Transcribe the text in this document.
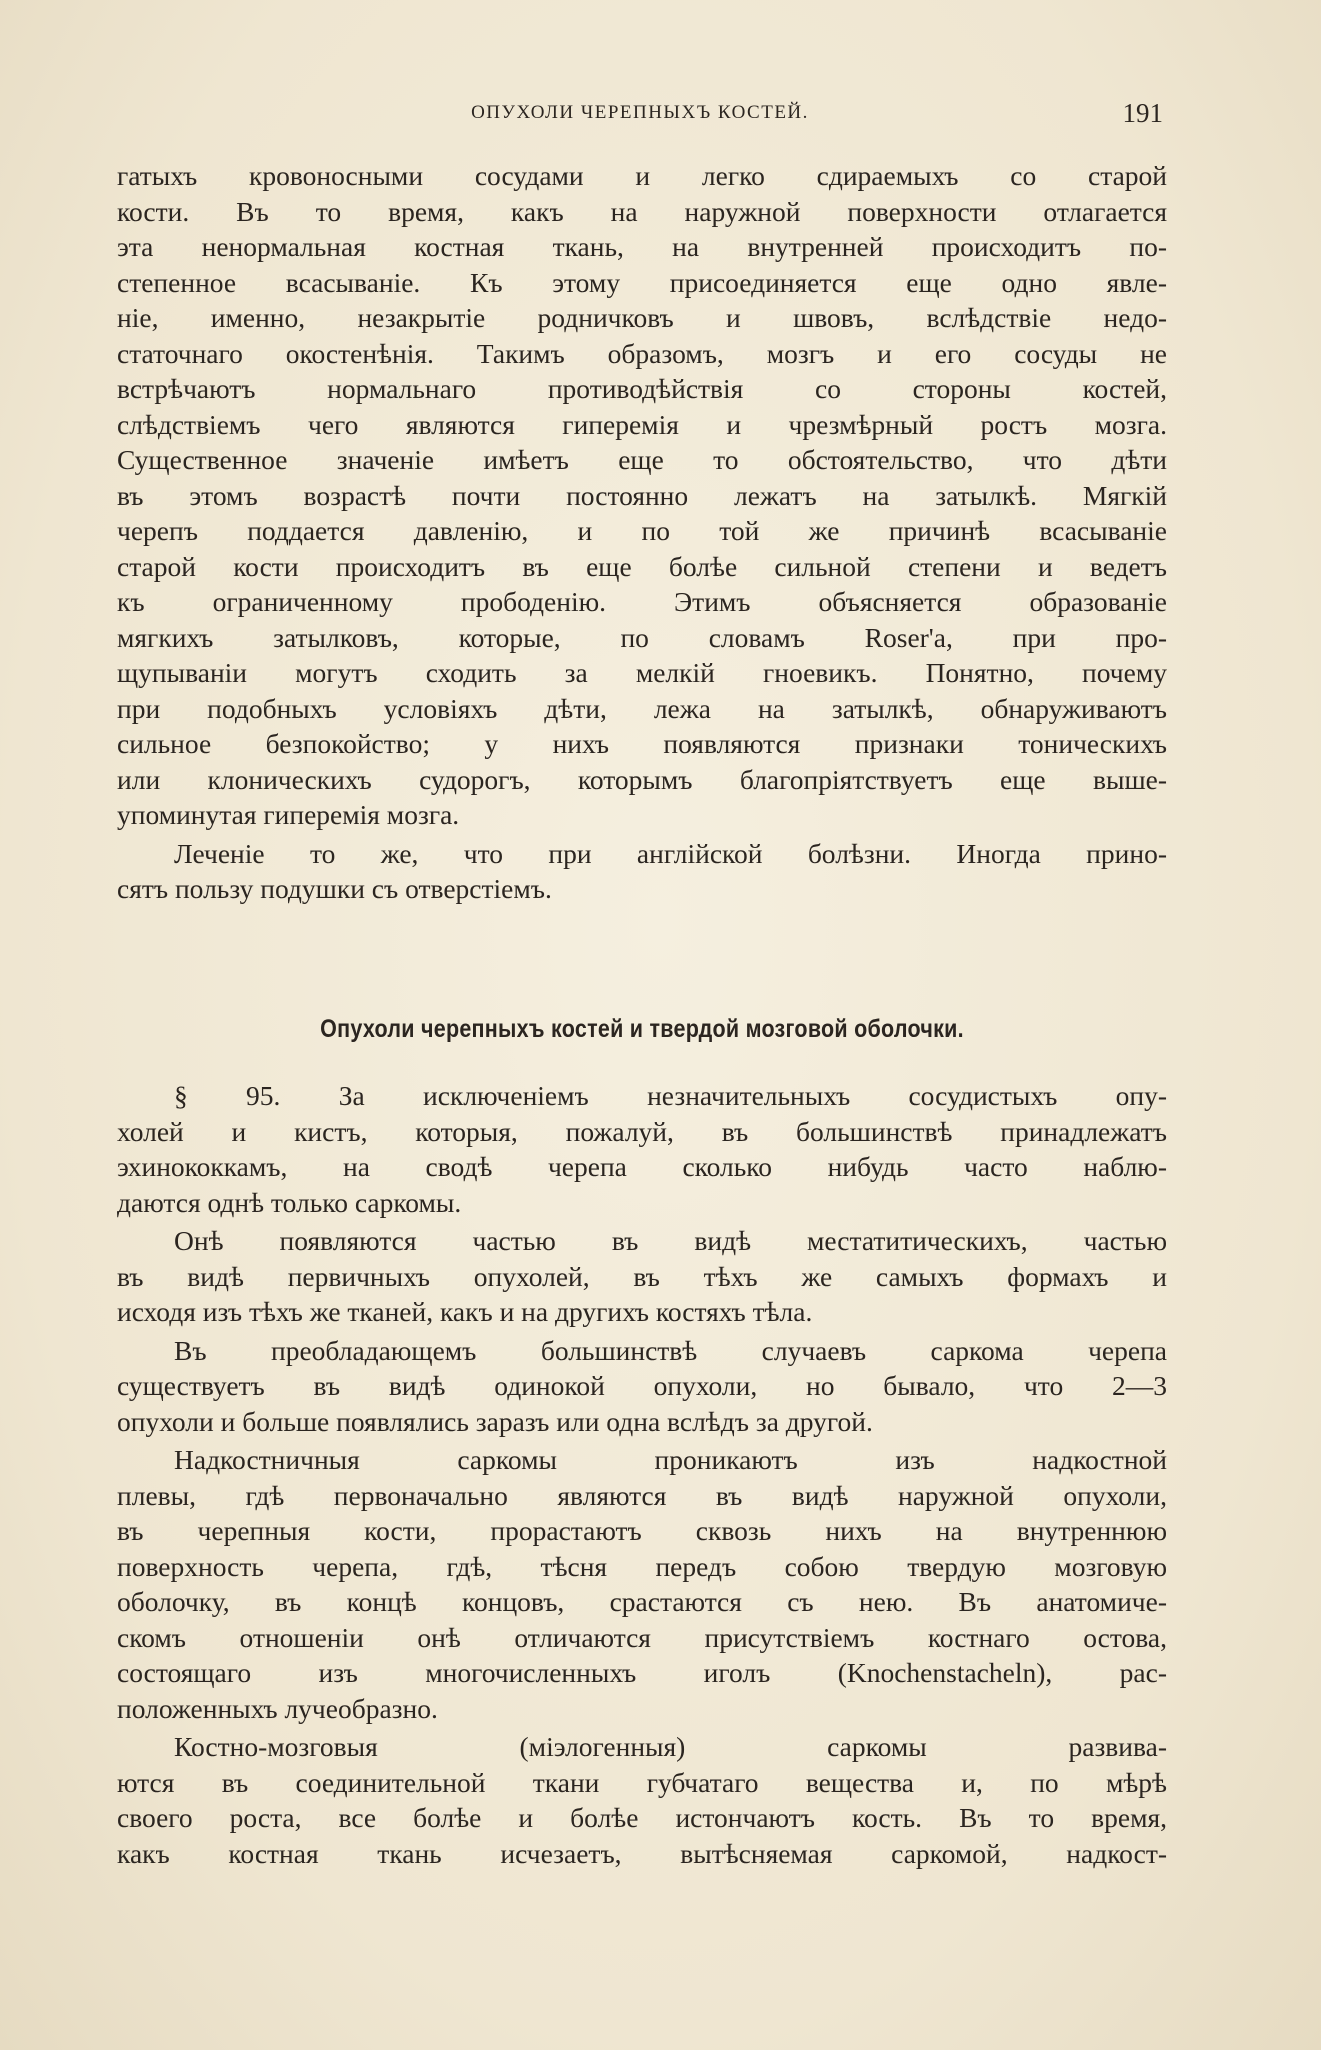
ОПУХОЛИ ЧЕРЕПНЫХЪ КОСТЕЙ.	191
гатыхъ кровоносными сосудами и легко сдираемыхъ со старой
кости. Въ то время, какъ на наружной поверхности отлагается
эта ненормальная костная ткань, на внутренней происходитъ по-
степенное всасываніе. Къ этому присоединяется еще одно явле-
ніе, именно, незакрытіе родничковъ и швовъ, вслѣдствіе недо-
статочнаго окостенѣнія. Такимъ образомъ, мозгъ и его сосуды не
встрѣчаютъ нормальнаго противодѣйствія со стороны костей,
слѣдствіемъ чего являются гиперемія и чрезмѣрный ростъ мозга.
Существенное значеніе имѣетъ еще то обстоятельство, что дѣти
въ этомъ возрастѣ почти постоянно лежатъ на затылкѣ. Мягкій
черепъ поддается давленію, и по той же причинѣ всасываніе
старой кости происходитъ въ еще болѣе сильной степени и ведетъ
къ ограниченному прободенію. Этимъ объясняется образованіе
мягкихъ затылковъ, которые, по словамъ Roser'а, при про-
щупываніи могутъ сходить за мелкій гноевикъ. Понятно, почему
при подобныхъ условіяхъ дѣти, лежа на затылкѣ, обнаруживаютъ
сильное безпокойство; у нихъ появляются признаки тоническихъ
или клоническихъ судорогъ, которымъ благопріятствуетъ еще выше-
упоминутая гиперемія мозга.
Леченіе то же, что при англійской болѣзни. Иногда прино-
сятъ пользу подушки съ отверстіемъ.
Опухоли черепныхъ костей и твердой мозговой оболочки.
§ 95. За исключеніемъ незначительныхъ сосудистыхъ опу-
холей и кистъ, которыя, пожалуй, въ большинствѣ принадлежатъ
эхинококкамъ, на сводѣ черепа сколько нибудь часто наблю-
даются однѣ только саркомы.
Онѣ появляются частью въ видѣ местатитическихъ, частью
въ видѣ первичныхъ опухолей, въ тѣхъ же самыхъ формахъ и
исходя изъ тѣхъ же тканей, какъ и на другихъ костяхъ тѣла.
Въ преобладающемъ большинствѣ случаевъ саркома черепа
существуетъ въ видѣ одинокой опухоли, но бывало, что 2—3
опухоли и больше появлялись заразъ или одна вслѣдъ за другой.
Надкостничныя саркомы проникаютъ изъ надкостной
плевы, гдѣ первоначально являются въ видѣ наружной опухоли,
въ черепныя кости, прорастаютъ сквозь нихъ на внутреннюю
поверхность черепа, гдѣ, тѣсня передъ собою твердую мозговую
оболочку, въ концѣ концовъ, срастаются съ нею. Въ анатомиче-
скомъ отношеніи онѣ отличаются присутствіемъ костнаго остова,
состоящаго изъ многочисленныхъ иголъ (Knochenstacheln), рас-
положенныхъ лучеобразно.
Костно-мозговыя (міэлогенныя) саркомы развива-
ются въ соединительной ткани губчатаго вещества и, по мѣрѣ
своего роста, все болѣе и болѣе истончаютъ кость. Въ то время,
какъ костная ткань исчезаетъ, вытѣсняемая саркомой, надкост-
